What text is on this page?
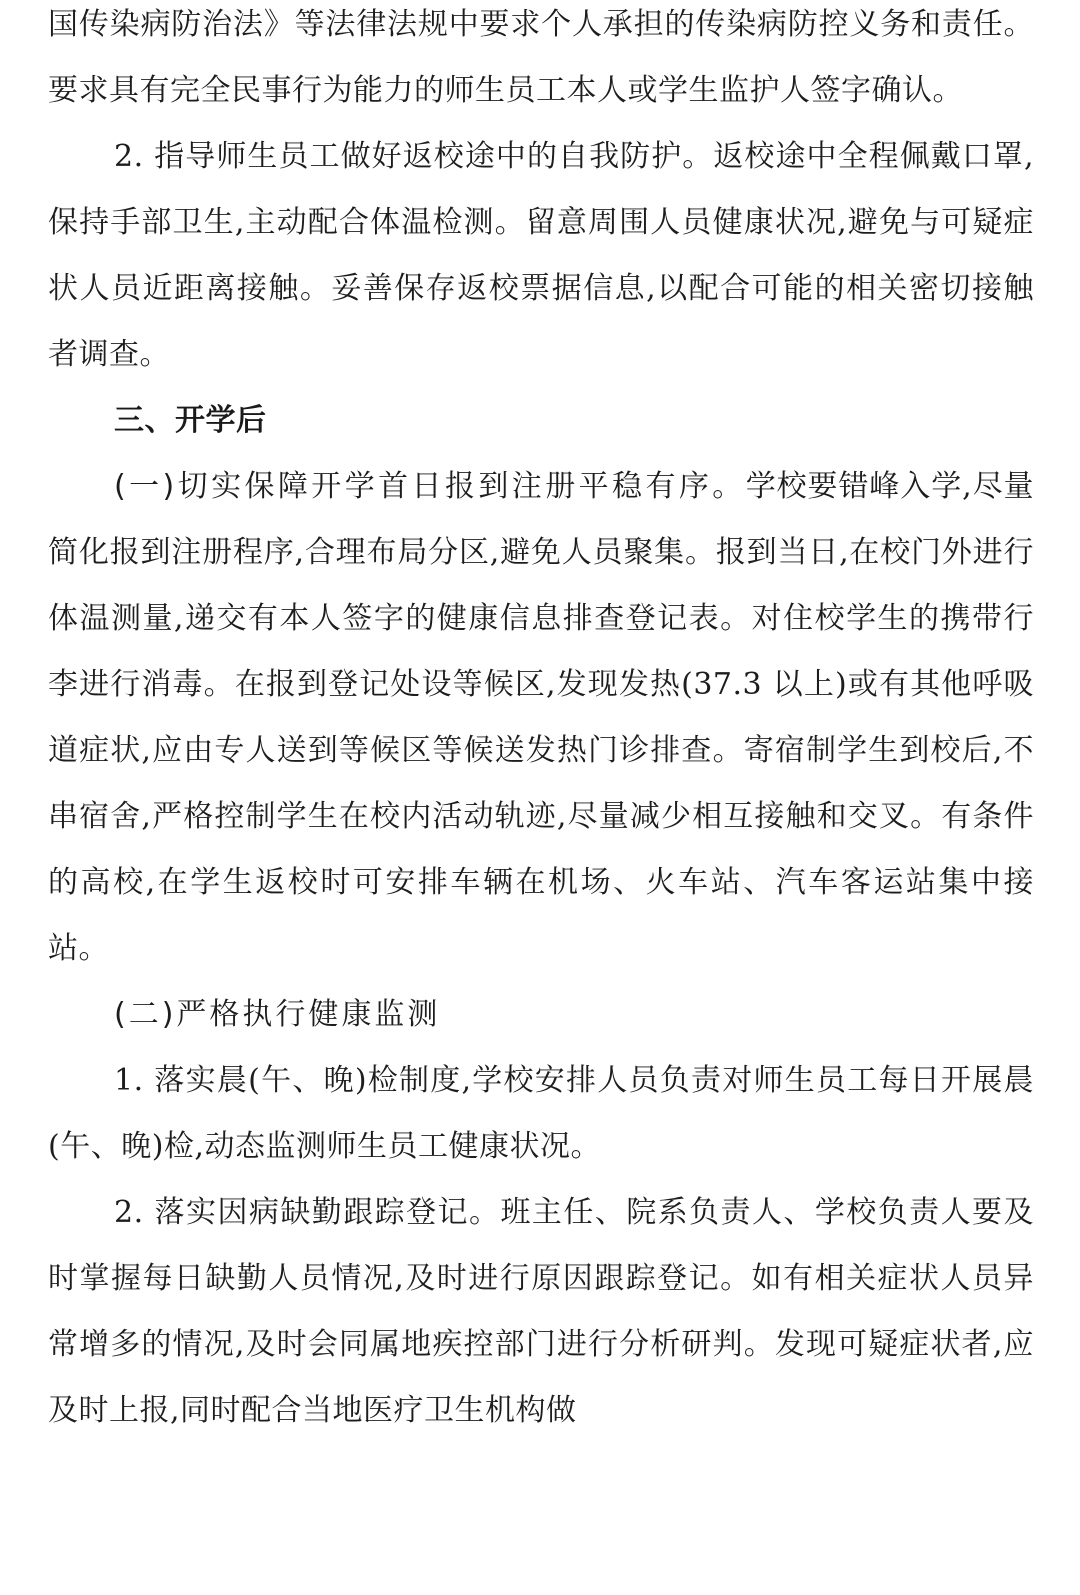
国传染病防治法》等法律法规中要求个人承担的传染病防控义务和责任。要求具有完全民事行为能力的师生员工本人或学生监护人签字确认。

2. 指导师生员工做好返校途中的自我防护。返校途中全程佩戴口罩,保持手部卫生,主动配合体温检测。留意周围人员健康状况,避免与可疑症状人员近距离接触。妥善保存返校票据信息,以配合可能的相关密切接触者调查。

三、开学后

(一)切实保障开学首日报到注册平稳有序。学校要错峰入学,尽量简化报到注册程序,合理布局分区,避免人员聚集。报到当日,在校门外进行体温测量,递交有本人签字的健康信息排查登记表。对住校学生的携带行李进行消毒。在报到登记处设等候区,发现发热(37.3 以上)或有其他呼吸道症状,应由专人送到等候区等候送发热门诊排查。寄宿制学生到校后,不串宿舍,严格控制学生在校内活动轨迹,尽量减少相互接触和交叉。有条件的高校,在学生返校时可安排车辆在机场、火车站、汽车客运站集中接站。

(二)严格执行健康监测

1. 落实晨(午、晚)检制度,学校安排人员负责对师生员工每日开展晨(午、晚)检,动态监测师生员工健康状况。

2. 落实因病缺勤跟踪登记。班主任、院系负责人、学校负责人要及时掌握每日缺勤人员情况,及时进行原因跟踪登记。如有相关症状人员异常增多的情况,及时会同属地疾控部门进行分析研判。发现可疑症状者,应及时上报,同时配合当地医疗卫生机构做
